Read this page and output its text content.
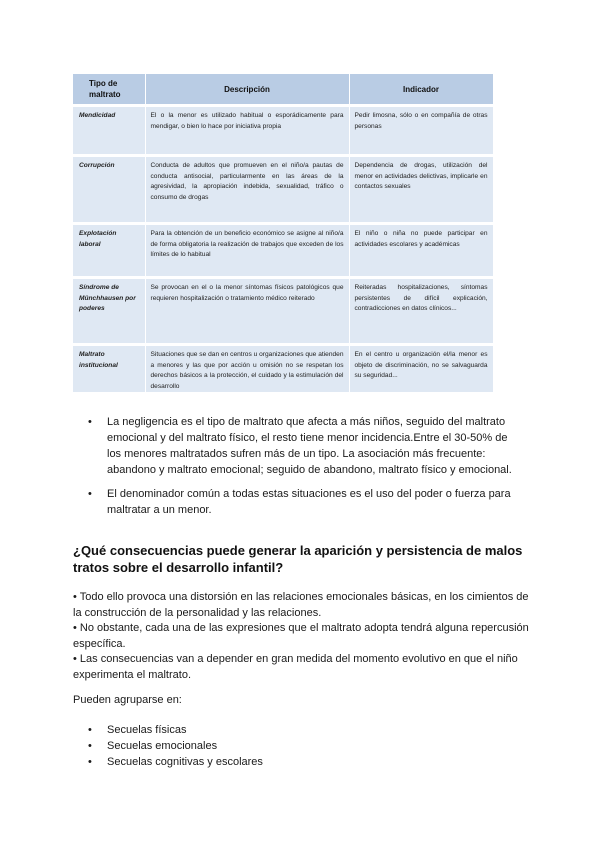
Tipo de maltrato	Descripción	Indicador
Mendicidad	El o la menor es utilizado habitual o esporádicamente para mendigar, o bien lo hace por iniciativa propia	Pedir limosna, sólo o en compañía de otras personas
Corrupción	Conducta de adultos que promueven en el niño/a pautas de conducta antisocial, particularmente en las áreas de la agresividad, la apropiación indebida, sexualidad, tráfico o consumo de drogas	Dependencia de drogas, utilización del menor en actividades delictivas, implicarle en contactos sexuales
Explotación laboral	Para la obtención de un beneficio económico se asigne al niño/a de forma obligatoria la realización de trabajos que exceden de los límites de lo habitual	El niño o niña no puede participar en actividades escolares y académicas
Síndrome de Münchhausen por poderes	Se provocan en el o la menor síntomas físicos patológicos que requieren hospitalización o tratamiento médico reiterado	Reiteradas hospitalizaciones, síntomas persistentes de difícil explicación, contradicciones en datos clínicos...
Maltrato institucional	Situaciones que se dan en centros u organizaciones que atienden a menores y las que por acción u omisión no se respetan los derechos básicos a la protección, el cuidado y la estimulación del desarrollo	En el centro u organización el/la menor es objeto de discriminación, no se salvaguarda su seguridad...
• La negligencia es el tipo de maltrato que afecta a más niños, seguido del maltrato emocional y del maltrato físico, el resto tiene menor incidencia.Entre el 30-50% de los menores maltratados sufren más de un tipo. La asociación más frecuente: abandono y maltrato emocional; seguido de abandono, maltrato físico y emocional.
• El denominador común a todas estas situaciones es el uso del poder o fuerza para maltratar a un menor.
¿Qué consecuencias puede generar la aparición y persistencia de malos tratos sobre el desarrollo infantil?

• Todo ello provoca una distorsión en las relaciones emocionales básicas, en los cimientos de la construcción de la personalidad y las relaciones.

• No obstante, cada una de las expresiones que el maltrato adopta tendrá alguna repercusión específica.

• Las consecuencias van a depender en gran medida del momento evolutivo en que el niño experimenta el maltrato.

Pueden agruparse en:
• Secuelas físicas
• Secuelas emocionales
• Secuelas cognitivas y escolares
